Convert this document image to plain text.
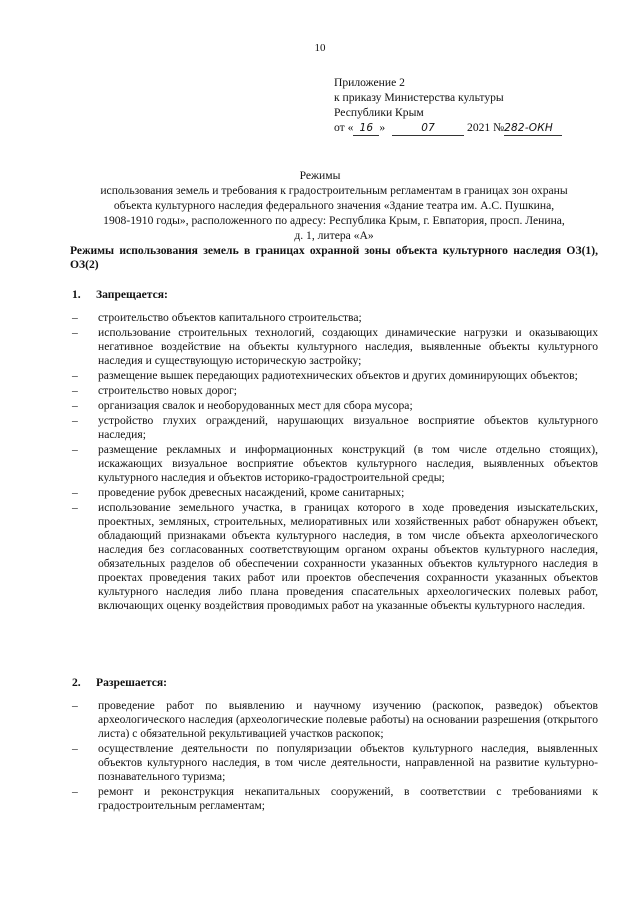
10
Приложение 2
к приказу Министерства культуры
Республики Крым
от « 16 »	07	2021 №282-ОКН
Режимы
использования земель и требования к градостроительным регламентам в границах зон охраны
объекта культурного наследия федерального значения «Здание театра им. А.С. Пушкина,
1908-1910 годы», расположенного по адресу: Республика Крым, г. Евпатория, просп. Ленина,
д. 1, литера «А»
Режимы использования земель в границах охранной зоны объекта культурного наследия ОЗ(1), ОЗ(2)
1. Запрещается:
– строительство объектов капитального строительства;
– использование строительных технологий, создающих динамические нагрузки и оказывающих негативное воздействие на объекты культурного наследия, выявленные объекты культурного наследия и существующую историческую застройку;
– размещение вышек передающих радиотехнических объектов и других доминирующих объектов;
– строительство новых дорог;
– организация свалок и необорудованных мест для сбора мусора;
– устройство глухих ограждений, нарушающих визуальное восприятие объектов культурного наследия;
– размещение рекламных и информационных конструкций (в том числе отдельно стоящих), искажающих визуальное восприятие объектов культурного наследия, выявленных объектов культурного наследия и объектов историко-градостроительной среды;
– проведение рубок древесных насаждений, кроме санитарных;
– использование земельного участка, в границах которого в ходе проведения изыскательских, проектных, земляных, строительных, мелиоративных или хозяйственных работ обнаружен объект, обладающий признаками объекта культурного наследия, в том числе объекта археологического наследия без согласованных соответствующим органом охраны объектов культурного наследия, обязательных разделов об обеспечении сохранности указанных объектов культурного наследия в проектах проведения таких работ или проектов обеспечения сохранности указанных объектов культурного наследия либо плана проведения спасательных археологических полевых работ, включающих оценку воздействия проводимых работ на указанные объекты культурного наследия.
2. Разрешается:
– проведение работ по выявлению и научному изучению (раскопок, разведок) объектов археологического наследия (археологические полевые работы) на основании разрешения (открытого листа) с обязательной рекультивацией участков раскопок;
– осуществление деятельности по популяризации объектов культурного наследия, выявленных объектов культурного наследия, в том числе деятельности, направленной на развитие культурно-познавательного туризма;
– ремонт и реконструкция некапитальных сооружений, в соответствии с требованиями к градостроительным регламентам;
